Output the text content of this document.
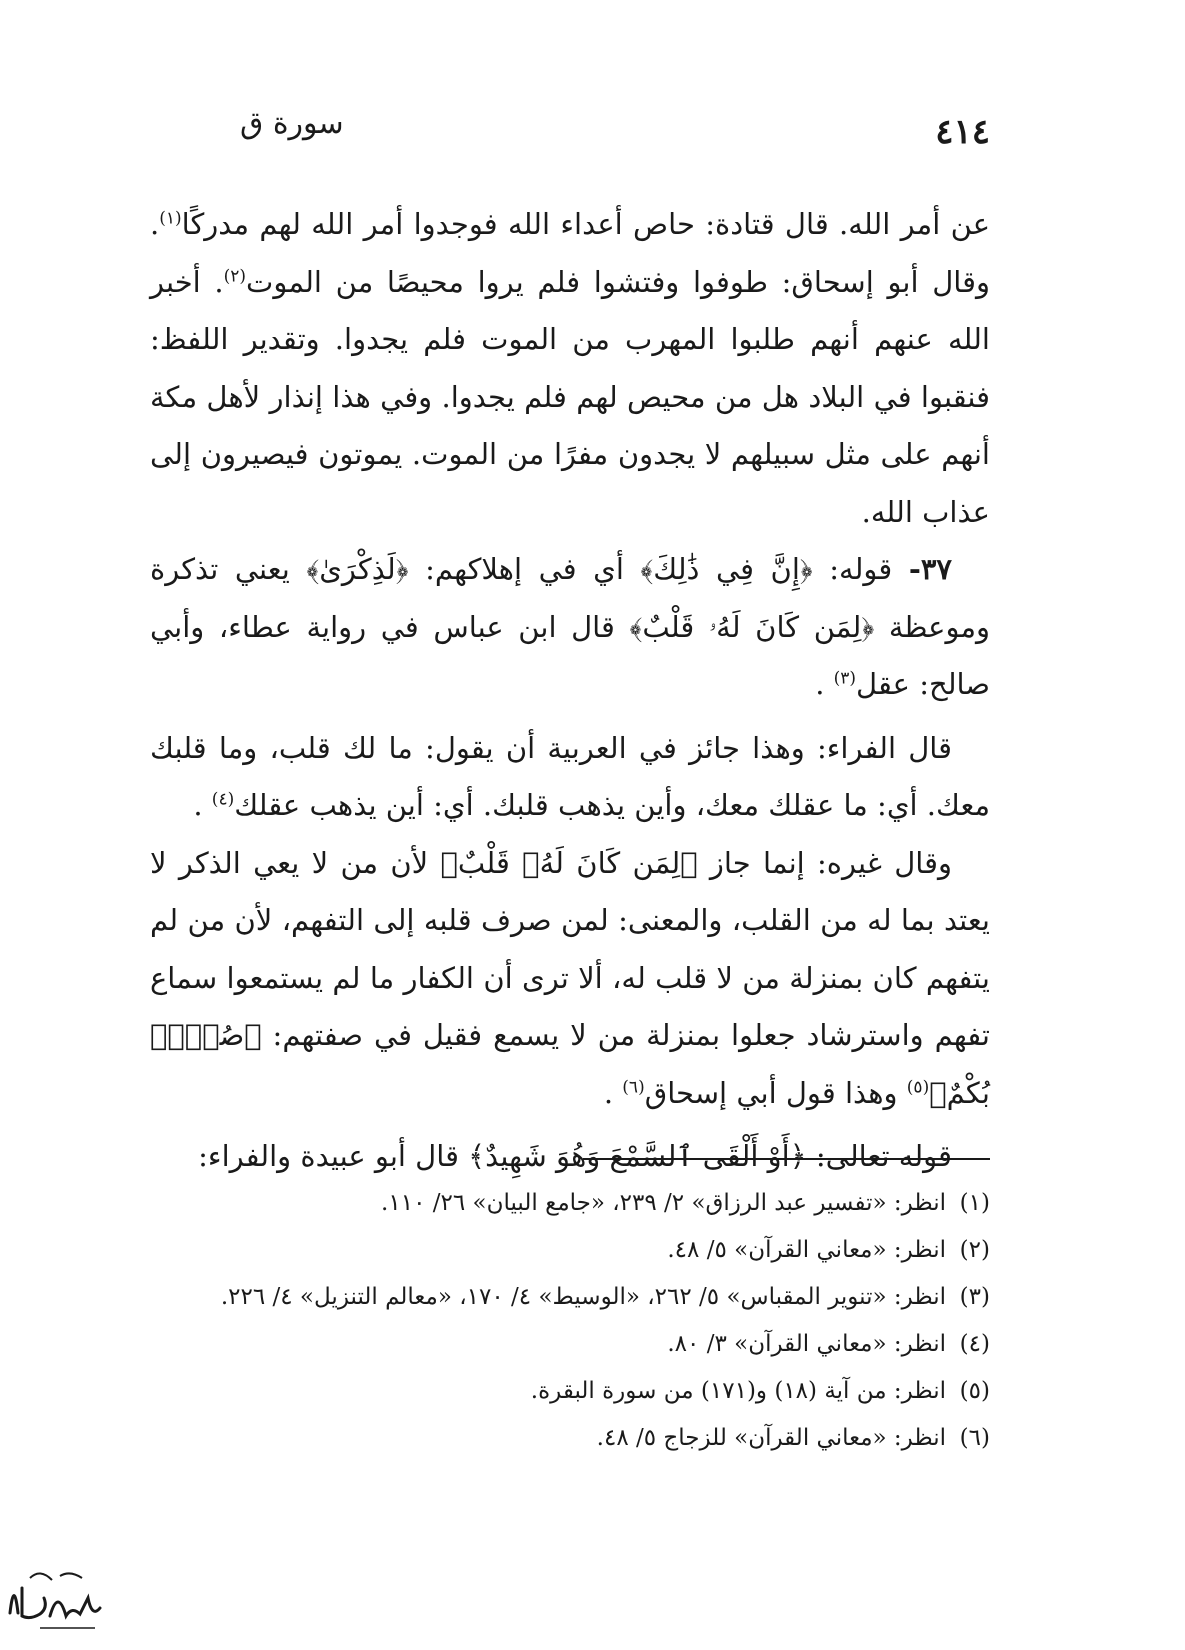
٤١٤
سورة ق

عن أمر الله. قال قتادة: حاص أعداء الله فوجدوا أمر الله لهم مدركًا$^{(١)}$. وقال أبو إسحاق: طوفوا وفتشوا فلم يروا محيصًا من الموت$^{(٢)}$. أخبر الله عنهم أنهم طلبوا المهرب من الموت فلم يجدوا. وتقدير اللفظ: فنقبوا في البلاد هل من محيص لهم فلم يجدوا. وفي هذا إنذار لأهل مكة أنهم على مثل سبيلهم لا يجدون مفرًا من الموت. يموتون فيصيرون إلى عذاب الله.

٣٧- قوله: ﴿إِنَّ فِي ذَٰلِكَ﴾ أي في إهلاكهم: ﴿لَذِكْرَىٰ﴾ يعني تذكرة وموعظة ﴿لِمَن كَانَ لَهُۥ قَلْبٌ﴾ قال ابن عباس في رواية عطاء، وأبي صالح: عقل$^{(٣)}$ .

قال الفراء: وهذا جائز في العربية أن يقول: ما لك قلب، وما قلبك معك. أي: ما عقلك معك، وأين يذهب قلبك. أي: أين يذهب عقلك$^{(٤)}$ .

وقال غيره: إنما جاز ﴿لِمَن كَانَ لَهُۥ قَلْبٌ﴾ لأن من لا يعي الذكر لا يعتد بما له من القلب، والمعنى: لمن صرف قلبه إلى التفهم، لأن من لم يتفهم كان بمنزلة من لا قلب له، ألا ترى أن الكفار ما لم يستمعوا سماع تفهم واسترشاد جعلوا بمنزلة من لا يسمع فقيل في صفتهم: ﴿صُمٌّۢ بُكْمٌ﴾$^{(٥)}$ وهذا قول أبي إسحاق$^{(٦)}$ .

قوله تعالى: ﴿أَوْ أَلْقَى ٱلسَّمْعَ وَهُوَ شَهِيدٌ﴾ قال أبو عبيدة والفراء:

(١)انظر: «تفسير عبد الرزاق» ٢/ ٢٣٩، «جامع البيان» ٢٦/ ١١٠.
(٢)انظر: «معاني القرآن» ٥/ ٤٨.
(٣)انظر: «تنوير المقباس» ٥/ ٢٦٢، «الوسيط» ٤/ ١٧٠، «معالم التنزيل» ٤/ ٢٢٦.
(٤)انظر: «معاني القرآن» ٣/ ٨٠.
(٥)انظر: من آية (١٨) و(١٧١) من سورة البقرة.
(٦)انظر: «معاني القرآن» للزجاج ٥/ ٤٨.
